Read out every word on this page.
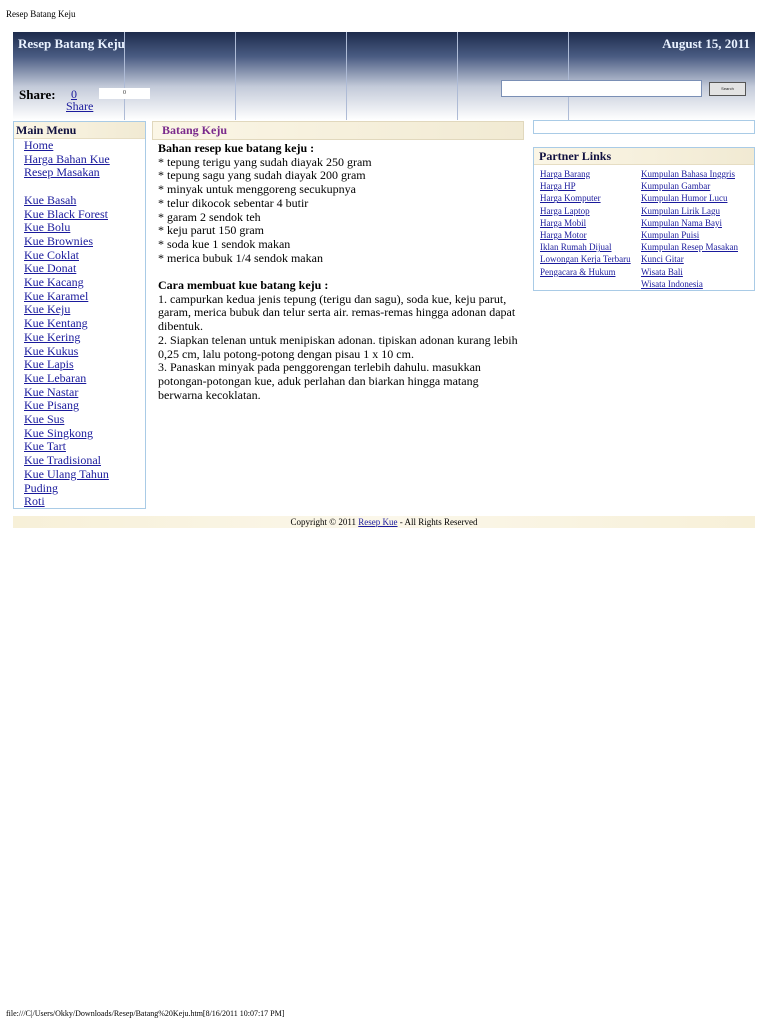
Resep Batang Keju
Resep Batang Keju	August 15, 2011
Share: 0
Share
0
Search
Main Menu
Home
Harga Bahan Kue
Resep Masakan
Kue Basah
Kue Black Forest
Kue Bolu
Kue Brownies
Kue Coklat
Kue Donat
Kue Kacang
Kue Karamel
Kue Keju
Kue Kentang
Kue Kering
Kue Kukus
Kue Lapis
Kue Lebaran
Kue Nastar
Kue Pisang
Kue Sus
Kue Singkong
Kue Tart
Kue Tradisional
Kue Ulang Tahun
Puding
Roti
Batang Keju

Bahan resep kue batang keju :

* tepung terigu yang sudah diayak 250 gram

* tepung sagu yang sudah diayak 200 gram

* minyak untuk menggoreng secukupnya

* telur dikocok sebentar 4 butir

* garam 2 sendok teh

* keju parut 150 gram

* soda kue 1 sendok makan

* merica bubuk 1/4 sendok makan

Cara membuat kue batang keju :

1. campurkan kedua jenis tepung (terigu dan sagu), soda kue, keju parut, garam, merica bubuk dan telur serta air. remas-remas hingga adonan dapat dibentuk.

2. Siapkan telenan untuk menipiskan adonan. tipiskan adonan kurang lebih 0,25 cm, lalu potong-potong dengan pisau 1 x 10 cm.

3. Panaskan minyak pada penggorengan terlebih dahulu. masukkan potongan-potongan kue, aduk perlahan dan biarkan hingga matang berwarna kecoklatan.

Partner Links
Harga Barang
Harga HP
Harga Komputer
Harga Laptop
Harga Mobil
Harga Motor
Iklan Rumah Dijual
Lowongan Kerja Terbaru
Pengacara & Hukum
Kumpulan Bahasa Inggris
Kumpulan Gambar
Kumpulan Humor Lucu
Kumpulan Lirik Lagu
Kumpulan Nama Bayi
Kumpulan Puisi
Kumpulan Resep Masakan
Kunci Gitar
Wisata Bali
Wisata Indonesia
Copyright © 2011 Resep Kue - All Rights Reserved
file:///C|/Users/Okky/Downloads/Resep/Batang%20Keju.htm[8/16/2011 10:07:17 PM]
